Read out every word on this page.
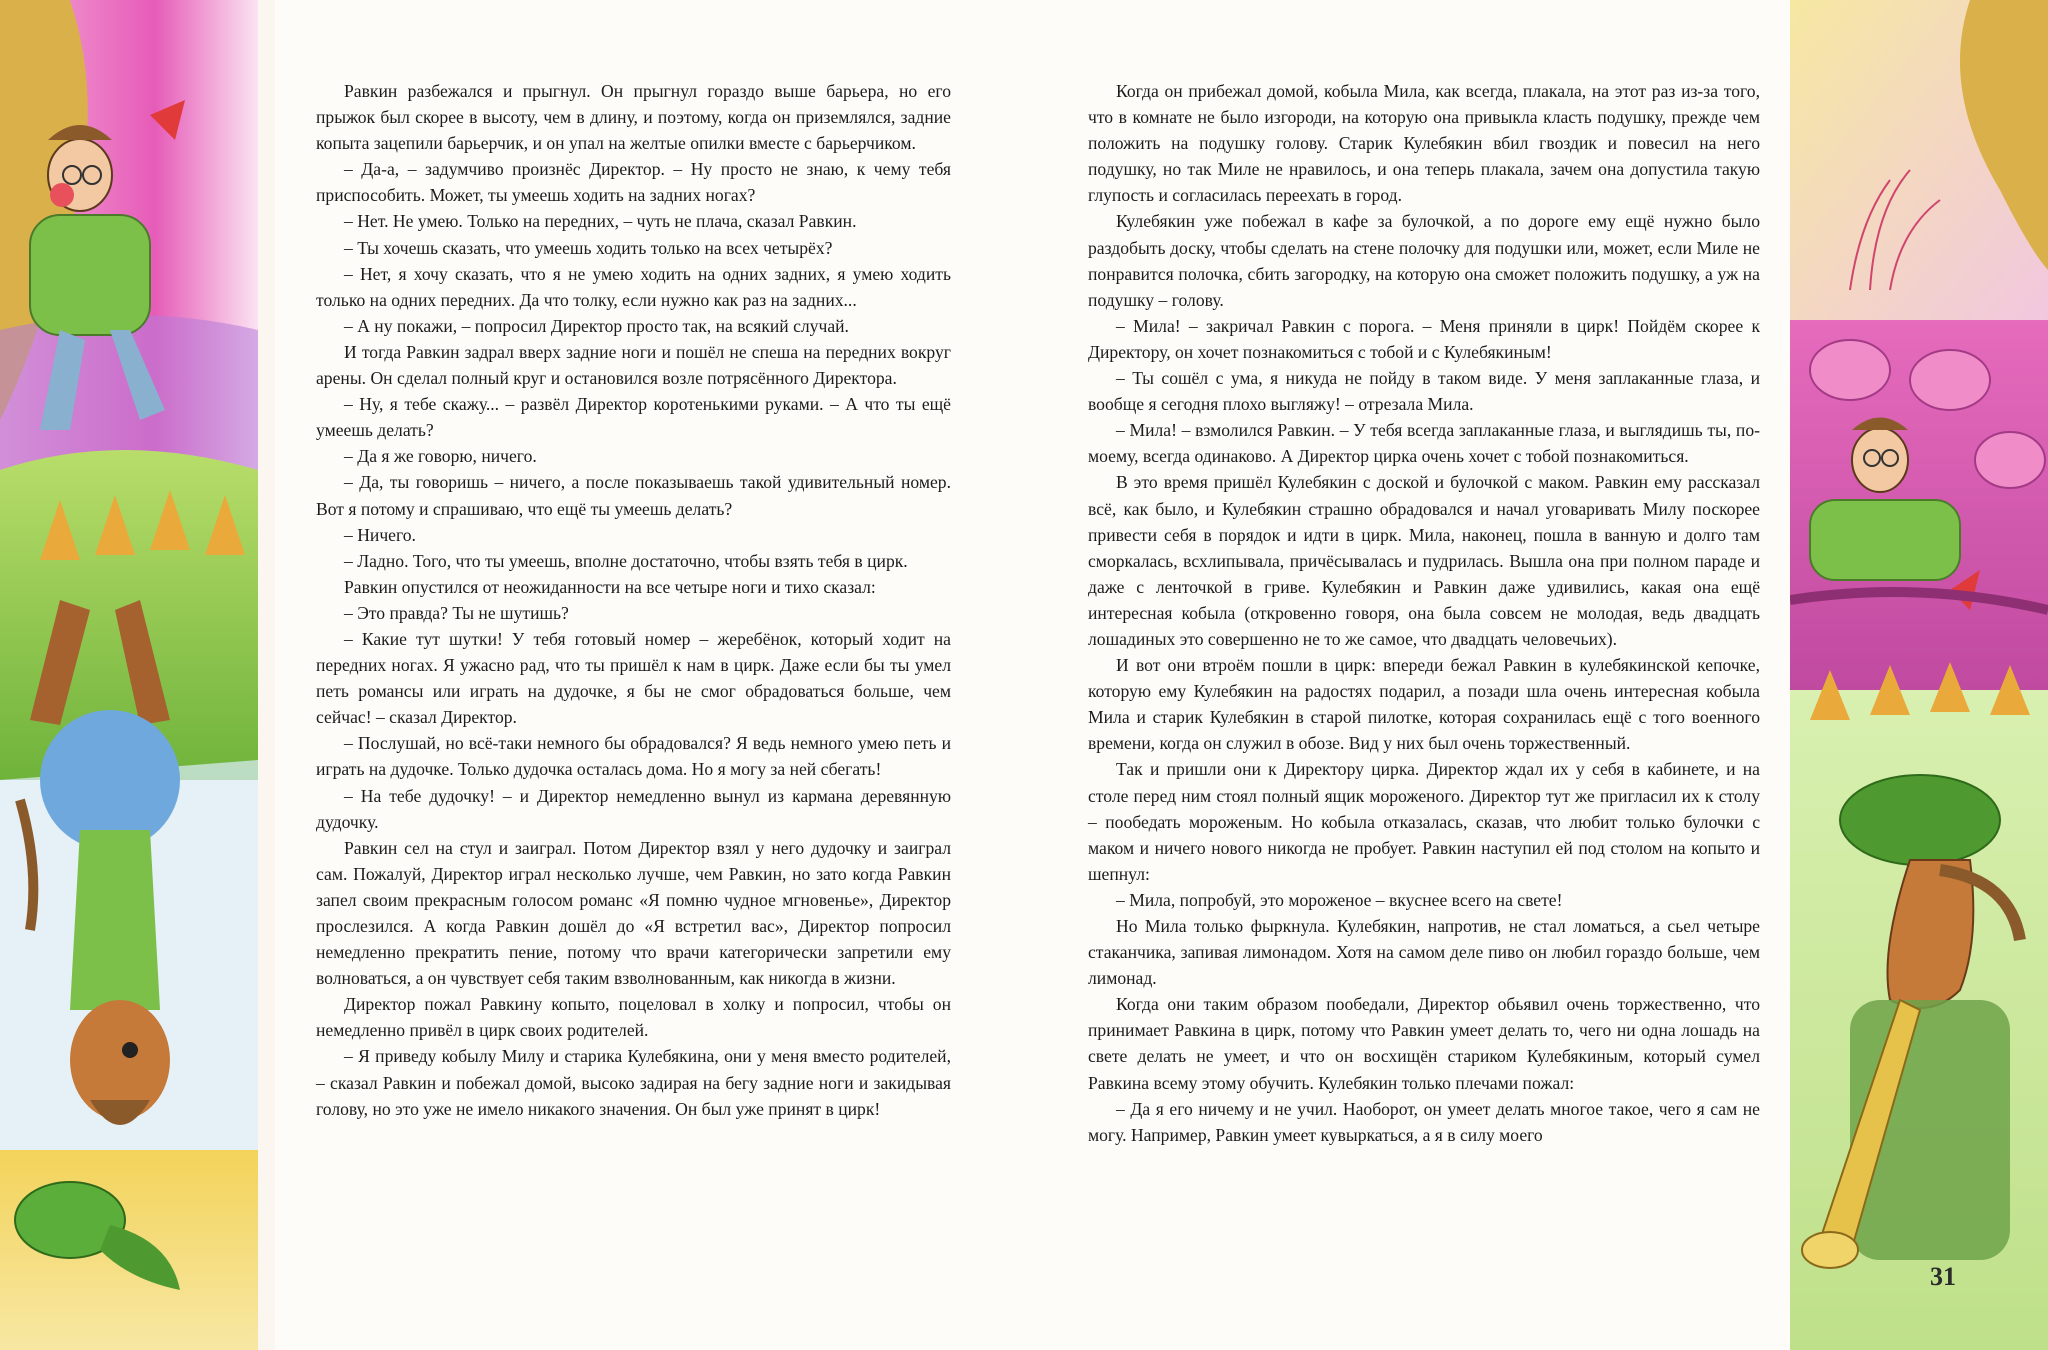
Равкин разбежался и прыгнул. Он прыгнул гораздо выше барьера, но его прыжок был скорее в высоту, чем в длину, и поэтому, когда он приземлялся, задние копыта зацепили барьерчик, и он упал на желтые опилки вместе с барьерчиком.

– Да-а, – задумчиво произнёс Директор. – Ну просто не знаю, к чему тебя приспособить. Может, ты умеешь ходить на задних ногах?

– Нет. Не умею. Только на передних, – чуть не плача, сказал Равкин.

– Ты хочешь сказать, что умеешь ходить только на всех четырёх?

– Нет, я хочу сказать, что я не умею ходить на одних задних, я умею ходить только на одних передних. Да что толку, если нужно как раз на задних...

– А ну покажи, – попросил Директор просто так, на всякий случай.

И тогда Равкин задрал вверх задние ноги и пошёл не спеша на передних вокруг арены. Он сделал полный круг и остановился возле потрясённого Директора.

– Ну, я тебе скажу... – развёл Директор коротенькими руками. – А что ты ещё умеешь делать?

– Да я же говорю, ничего.

– Да, ты говоришь – ничего, а после показываешь такой удивительный номер. Вот я потому и спрашиваю, что ещё ты умеешь делать?

– Ничего.

– Ладно. Того, что ты умеешь, вполне достаточно, чтобы взять тебя в цирк.

Равкин опустился от неожиданности на все четыре ноги и тихо сказал:

– Это правда? Ты не шутишь?

– Какие тут шутки! У тебя готовый номер – жеребёнок, который ходит на передних ногах. Я ужасно рад, что ты пришёл к нам в цирк. Даже если бы ты умел петь романсы или играть на дудочке, я бы не смог обрадоваться больше, чем сейчас! – сказал Директор.

– Послушай, но всё-таки немного бы обрадовался? Я ведь немного умею петь и играть на дудочке. Только дудочка осталась дома. Но я могу за ней сбегать!

– На тебе дудочку! – и Директор немедленно вынул из кармана деревянную дудочку.

Равкин сел на стул и заиграл. Потом Директор взял у него дудочку и заиграл сам. Пожалуй, Директор играл несколько лучше, чем Равкин, но зато когда Равкин запел своим прекрасным голосом романс «Я помню чудное мгновенье», Директор прослезился. А когда Равкин дошёл до «Я встретил вас», Директор попросил немедленно прекратить пение, потому что врачи категорически запретили ему волноваться, а он чувствует себя таким взволнованным, как никогда в жизни.

Директор пожал Равкину копыто, поцеловал в холку и попросил, чтобы он немедленно привёл в цирк своих родителей.

– Я приведу кобылу Милу и старика Кулебякина, они у меня вместо родителей, – сказал Равкин и побежал домой, высоко задирая на бегу задние ноги и закидывая голову, но это уже не имело никакого значения. Он был уже принят в цирк!

Когда он прибежал домой, кобыла Мила, как всегда, плакала, на этот раз из-за того, что в комнате не было изгороди, на которую она привыкла класть подушку, прежде чем положить на подушку голову. Старик Кулебякин вбил гвоздик и повесил на него подушку, но так Миле не нравилось, и она теперь плакала, зачем она допустила такую глупость и согласилась переехать в город.

Кулебякин уже побежал в кафе за булочкой, а по дороге ему ещё нужно было раздобыть доску, чтобы сделать на стене полочку для подушки или, может, если Миле не понравится полочка, сбить загородку, на которую она сможет положить подушку, а уж на подушку – голову.

– Мила! – закричал Равкин с порога. – Меня приняли в цирк! Пойдём скорее к Директору, он хочет познакомиться с тобой и с Кулебякиным!

– Ты сошёл с ума, я никуда не пойду в таком виде. У меня заплаканные глаза, и вообще я сегодня плохо выгляжу! – отрезала Мила.

– Мила! – взмолился Равкин. – У тебя всегда заплаканные глаза, и выглядишь ты, по-моему, всегда одинаково. А Директор цирка очень хочет с тобой познакомиться.

В это время пришёл Кулебякин с доской и булочкой с маком. Равкин ему рассказал всё, как было, и Кулебякин страшно обрадовался и начал уговаривать Милу поскорее привести себя в порядок и идти в цирк. Мила, наконец, пошла в ванную и долго там сморкалась, всхлипывала, причёсывалась и пудрилась. Вышла она при полном параде и даже с ленточкой в гриве. Кулебякин и Равкин даже удивились, какая она ещё интересная кобыла (откровенно говоря, она была совсем не молодая, ведь двадцать лошадиных это совершенно не то же самое, что двадцать человечьих).

И вот они втроём пошли в цирк: впереди бежал Равкин в кулебякинской кепочке, которую ему Кулебякин на радостях подарил, а позади шла очень интересная кобыла Мила и старик Кулебякин в старой пилотке, которая сохранилась ещё с того военного времени, когда он служил в обозе. Вид у них был очень торжественный.

Так и пришли они к Директору цирка. Директор ждал их у себя в кабинете, и на столе перед ним стоял полный ящик мороженого. Директор тут же пригласил их к столу – пообедать мороженым. Но кобыла отказалась, сказав, что любит только булочки с маком и ничего нового никогда не пробует. Равкин наступил ей под столом на копыто и шепнул:

– Мила, попробуй, это мороженое – вкуснее всего на свете!

Но Мила только фыркнула. Кулебякин, напротив, не стал ломаться, а сьел четыре стаканчика, запивая лимонадом. Хотя на самом деле пиво он любил гораздо больше, чем лимонад.

Когда они таким образом пообедали, Директор обьявил очень торжественно, что принимает Равкина в цирк, потому что Равкин умеет делать то, чего ни одна лошадь на свете делать не умеет, и что он восхищён стариком Кулебякиным, который сумел Равкина всему этому обучить. Кулебякин только плечами пожал:

– Да я его ничему и не учил. Наоборот, он умеет делать многое такое, чего я сам не могу. Например, Равкин умеет кувыркаться, а я в силу моего

31
